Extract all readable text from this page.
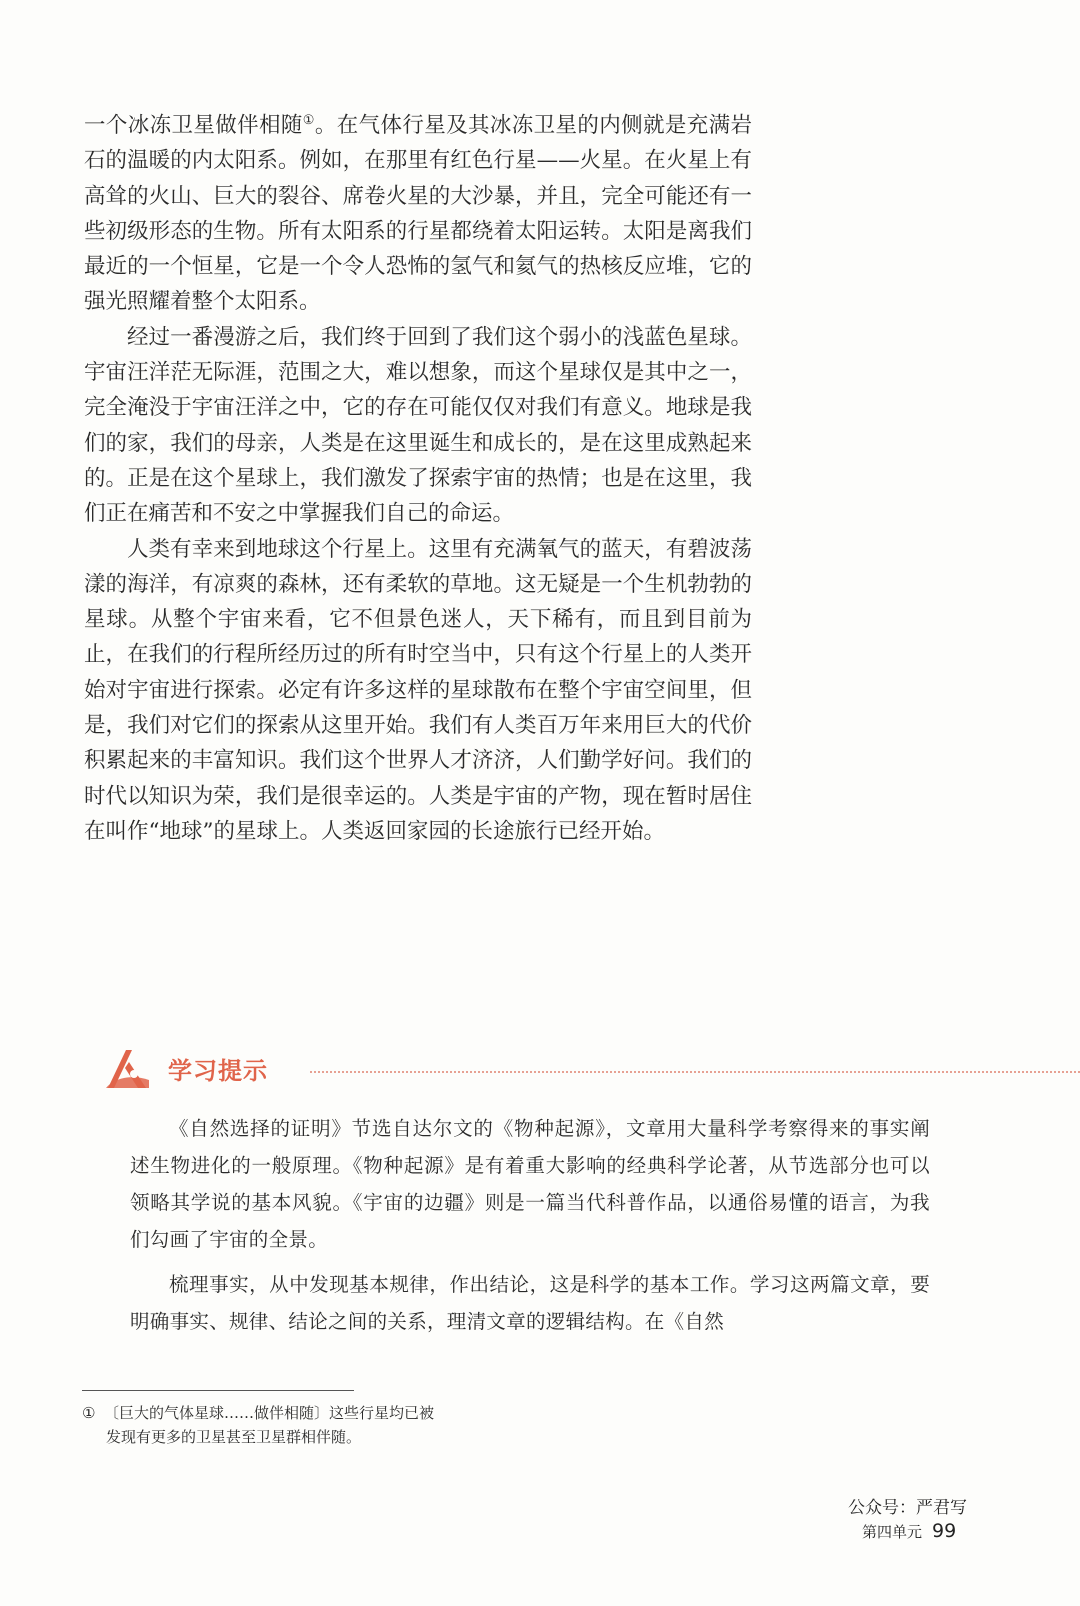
一个冰冻卫星做伴相随①。在气体行星及其冰冻卫星的内侧就是充满岩石的温暖的内太阳系。例如，在那里有红色行星——火星。在火星上有高耸的火山、巨大的裂谷、席卷火星的大沙暴，并且，完全可能还有一些初级形态的生物。所有太阳系的行星都绕着太阳运转。太阳是离我们最近的一个恒星，它是一个令人恐怖的氢气和氦气的热核反应堆，它的强光照耀着整个太阳系。

经过一番漫游之后，我们终于回到了我们这个弱小的浅蓝色星球。宇宙汪洋茫无际涯，范围之大，难以想象，而这个星球仅是其中之一，完全淹没于宇宙汪洋之中，它的存在可能仅仅对我们有意义。地球是我们的家，我们的母亲，人类是在这里诞生和成长的，是在这里成熟起来的。正是在这个星球上，我们激发了探索宇宙的热情；也是在这里，我们正在痛苦和不安之中掌握我们自己的命运。

人类有幸来到地球这个行星上。这里有充满氧气的蓝天，有碧波荡漾的海洋，有凉爽的森林，还有柔软的草地。这无疑是一个生机勃勃的星球。从整个宇宙来看，它不但景色迷人，天下稀有，而且到目前为止，在我们的行程所经历过的所有时空当中，只有这个行星上的人类开始对宇宙进行探索。必定有许多这样的星球散布在整个宇宙空间里，但是，我们对它们的探索从这里开始。我们有人类百万年来用巨大的代价积累起来的丰富知识。我们这个世界人才济济，人们勤学好问。我们的时代以知识为荣，我们是很幸运的。人类是宇宙的产物，现在暂时居住在叫作“地球”的星球上。人类返回家园的长途旅行已经开始。

学习提示

《自然选择的证明》节选自达尔文的《物种起源》，文章用大量科学考察得来的事实阐述生物进化的一般原理。《物种起源》是有着重大影响的经典科学论著，从节选部分也可以领略其学说的基本风貌。《宇宙的边疆》则是一篇当代科普作品，以通俗易懂的语言，为我们勾画了宇宙的全景。

梳理事实，从中发现基本规律，作出结论，这是科学的基本工作。学习这两篇文章，要明确事实、规律、结论之间的关系，理清文章的逻辑结构。在《自然

① 〔巨大的气体星球……做伴相随〕这些行星均已被
发现有更多的卫星甚至卫星群相伴随。
公众号：严君写
第四单元 99
